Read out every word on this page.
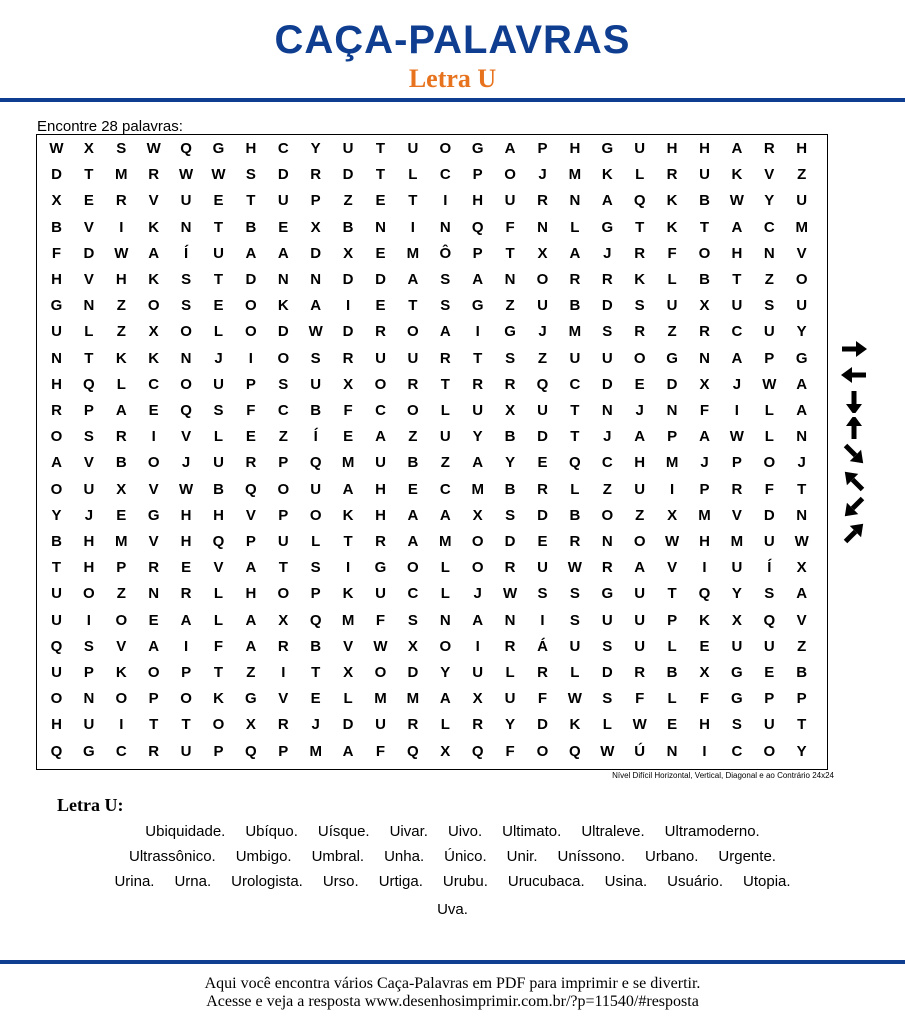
CAÇA-PALAVRAS
Letra U
Encontre 28 palavras:
W	X	S	W	Q	G	H	C	Y	U	T	U	O	G	A	P	H	G	U	H	H	A	R	H
D	T	M	R	W	W	S	D	R	D	T	L	C	P	O	J	M	K	L	R	U	K	V	Z
X	E	R	V	U	E	T	U	P	Z	E	T	I	H	U	R	N	A	Q	K	B	W	Y	U
B	V	I	K	N	T	B	E	X	B	N	I	N	Q	F	N	L	G	T	K	T	A	C	M
F	D	W	A	Í	U	A	A	D	X	E	M	Ô	P	T	X	A	J	R	F	O	H	N	V
H	V	H	K	S	T	D	N	N	D	D	A	S	A	N	O	R	R	K	L	B	T	Z	O
G	N	Z	O	S	E	O	K	A	I	E	T	S	G	Z	U	B	D	S	U	X	U	S	U
U	L	Z	X	O	L	O	D	W	D	R	O	A	I	G	J	M	S	R	Z	R	C	U	Y
N	T	K	K	N	J	I	O	S	R	U	U	R	T	S	Z	U	U	O	G	N	A	P	G
H	Q	L	C	O	U	P	S	U	X	O	R	T	R	R	Q	C	D	E	D	X	J	W	A
R	P	A	E	Q	S	F	C	B	F	C	O	L	U	X	U	T	N	J	N	F	I	L	A
O	S	R	I	V	L	E	Z	Í	E	A	Z	U	Y	B	D	T	J	A	P	A	W	L	N
A	V	B	O	J	U	R	P	Q	M	U	B	Z	A	Y	E	Q	C	H	M	J	P	O	J
O	U	X	V	W	B	Q	O	U	A	H	E	C	M	B	R	L	Z	U	I	P	R	F	T
Y	J	E	G	H	H	V	P	O	K	H	A	A	X	S	D	B	O	Z	X	M	V	D	N
B	H	M	V	H	Q	P	U	L	T	R	A	M	O	D	E	R	N	O	W	H	M	U	W
T	H	P	R	E	V	A	T	S	I	G	O	L	O	R	U	W	R	A	V	I	U	Í	X
U	O	Z	N	R	L	H	O	P	K	U	C	L	J	W	S	S	G	U	T	Q	Y	S	A
U	I	O	E	A	L	A	X	Q	M	F	S	N	A	N	I	S	U	U	P	K	X	Q	V
Q	S	V	A	I	F	A	R	B	V	W	X	O	I	R	Á	U	S	U	L	E	U	U	Z
U	P	K	O	P	T	Z	I	T	X	O	D	Y	U	L	R	L	D	R	B	X	G	E	B
O	N	O	P	O	K	G	V	E	L	M	M	A	X	U	F	W	S	F	L	F	G	P	P
H	U	I	T	T	O	X	R	J	D	U	R	L	R	Y	D	K	L	W	E	H	S	U	T
Q	G	C	R	U	P	Q	P	M	A	F	Q	X	Q	F	O	Q	W	Ú	N	I	C	O	Y
Nível Difícil Horizontal, Vertical, Diagonal e ao Contrário 24x24
Letra U:
Ubiquidade. Ubíquo. Uísque. Uivar. Uivo. Ultimato. Ultraleve. Ultramoderno.
Ultrassônico. Umbigo. Umbral. Unha. Único. Unir. Uníssono. Urbano. Urgente.
Urina. Urna. Urologista. Urso. Urtiga. Urubu. Urucubaca. Usina. Usuário. Utopia.
Uva.
Aqui você encontra vários Caça-Palavras em PDF para imprimir e se divertir.
Acesse e veja a resposta www.desenhosimprimir.com.br/?p=11540/#resposta
